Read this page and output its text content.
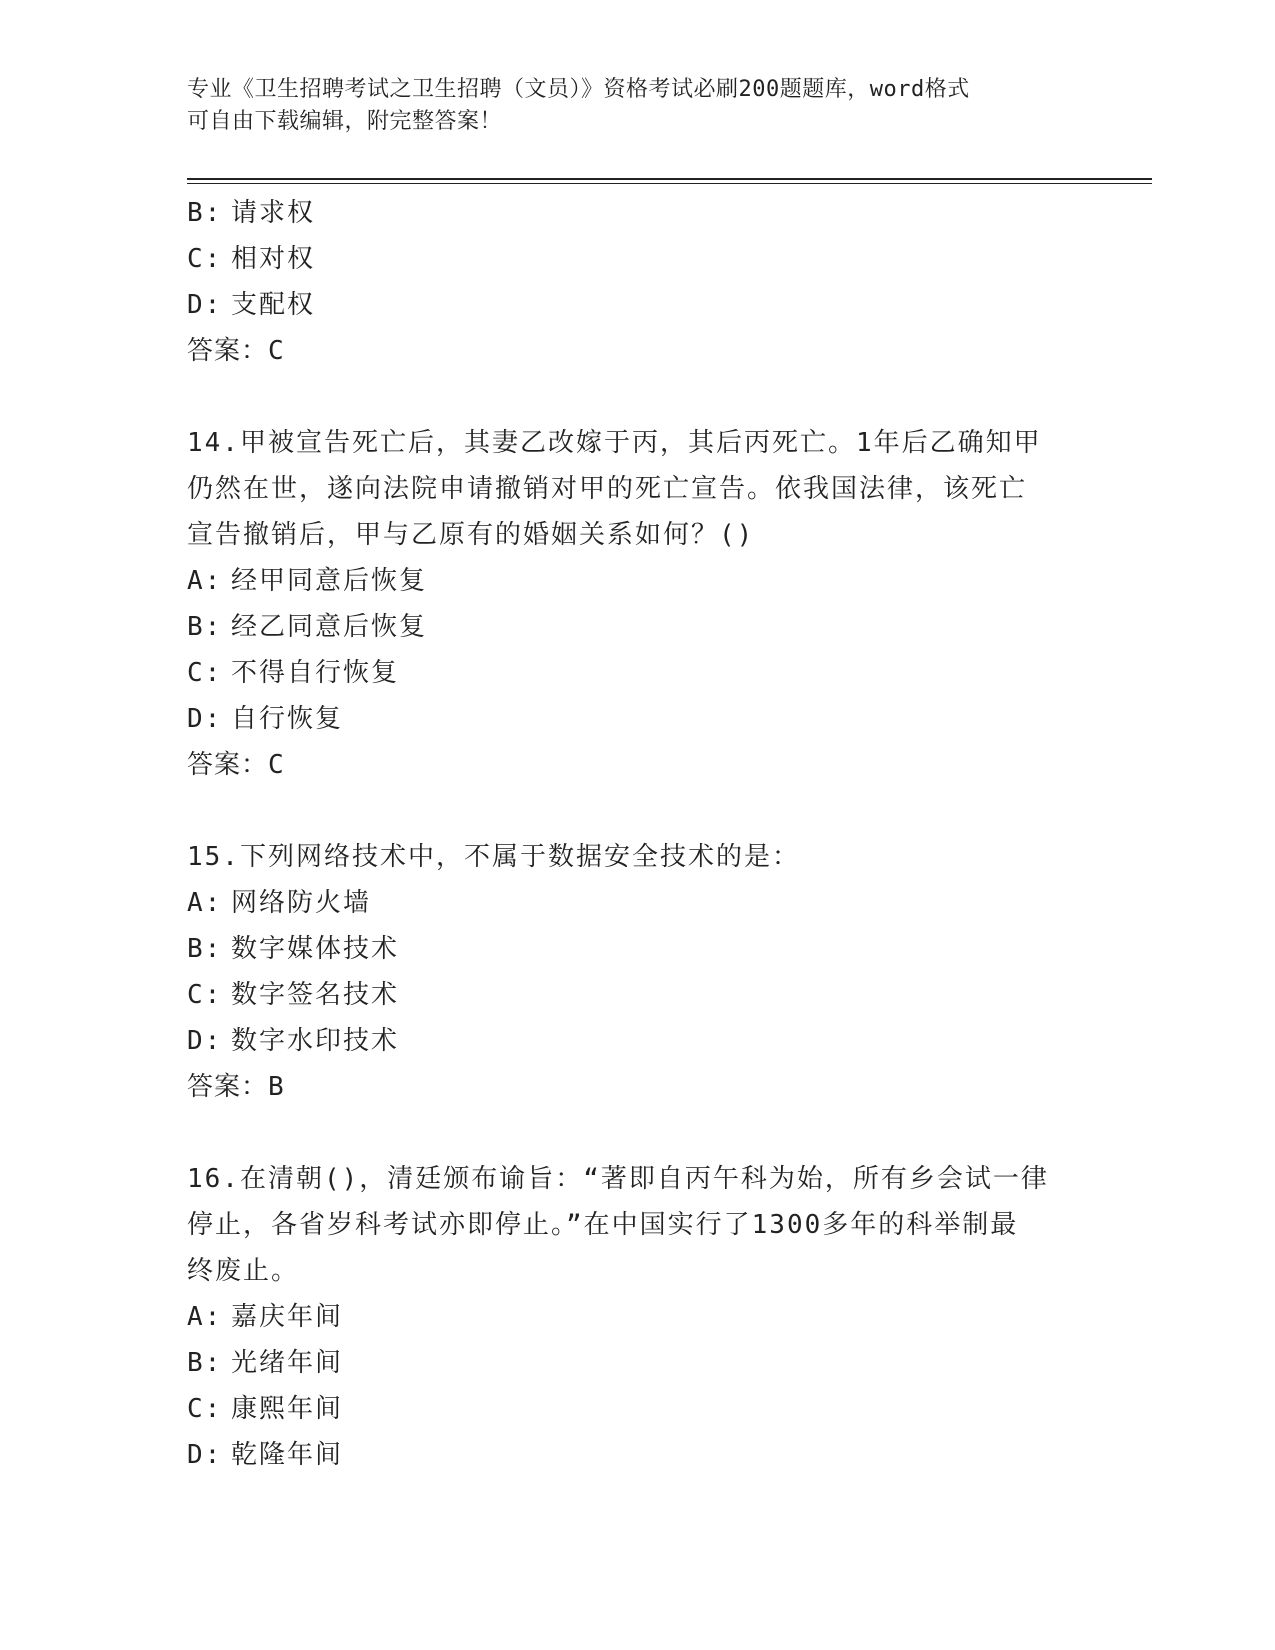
专业《卫生招聘考试之卫生招聘（文员）》资格考试必刷200题题库，word格式
可自由下载编辑，附完整答案！
B: 请求权
C: 相对权
D: 支配权
答案：C
14.甲被宣告死亡后，其妻乙改嫁于丙，其后丙死亡。1年后乙确知甲
仍然在世，遂向法院申请撤销对甲的死亡宣告。依我国法律，该死亡
宣告撤销后，甲与乙原有的婚姻关系如何？()
A: 经甲同意后恢复
B: 经乙同意后恢复
C: 不得自行恢复
D: 自行恢复
答案：C
15.下列网络技术中，不属于数据安全技术的是：
A: 网络防火墙
B: 数字媒体技术
C: 数字签名技术
D: 数字水印技术
答案：B
16.在清朝()，清廷颁布谕旨：“著即自丙午科为始，所有乡会试一律
停止，各省岁科考试亦即停止。”在中国实行了1300多年的科举制最
终废止。
A: 嘉庆年间
B: 光绪年间
C: 康熙年间
D: 乾隆年间
